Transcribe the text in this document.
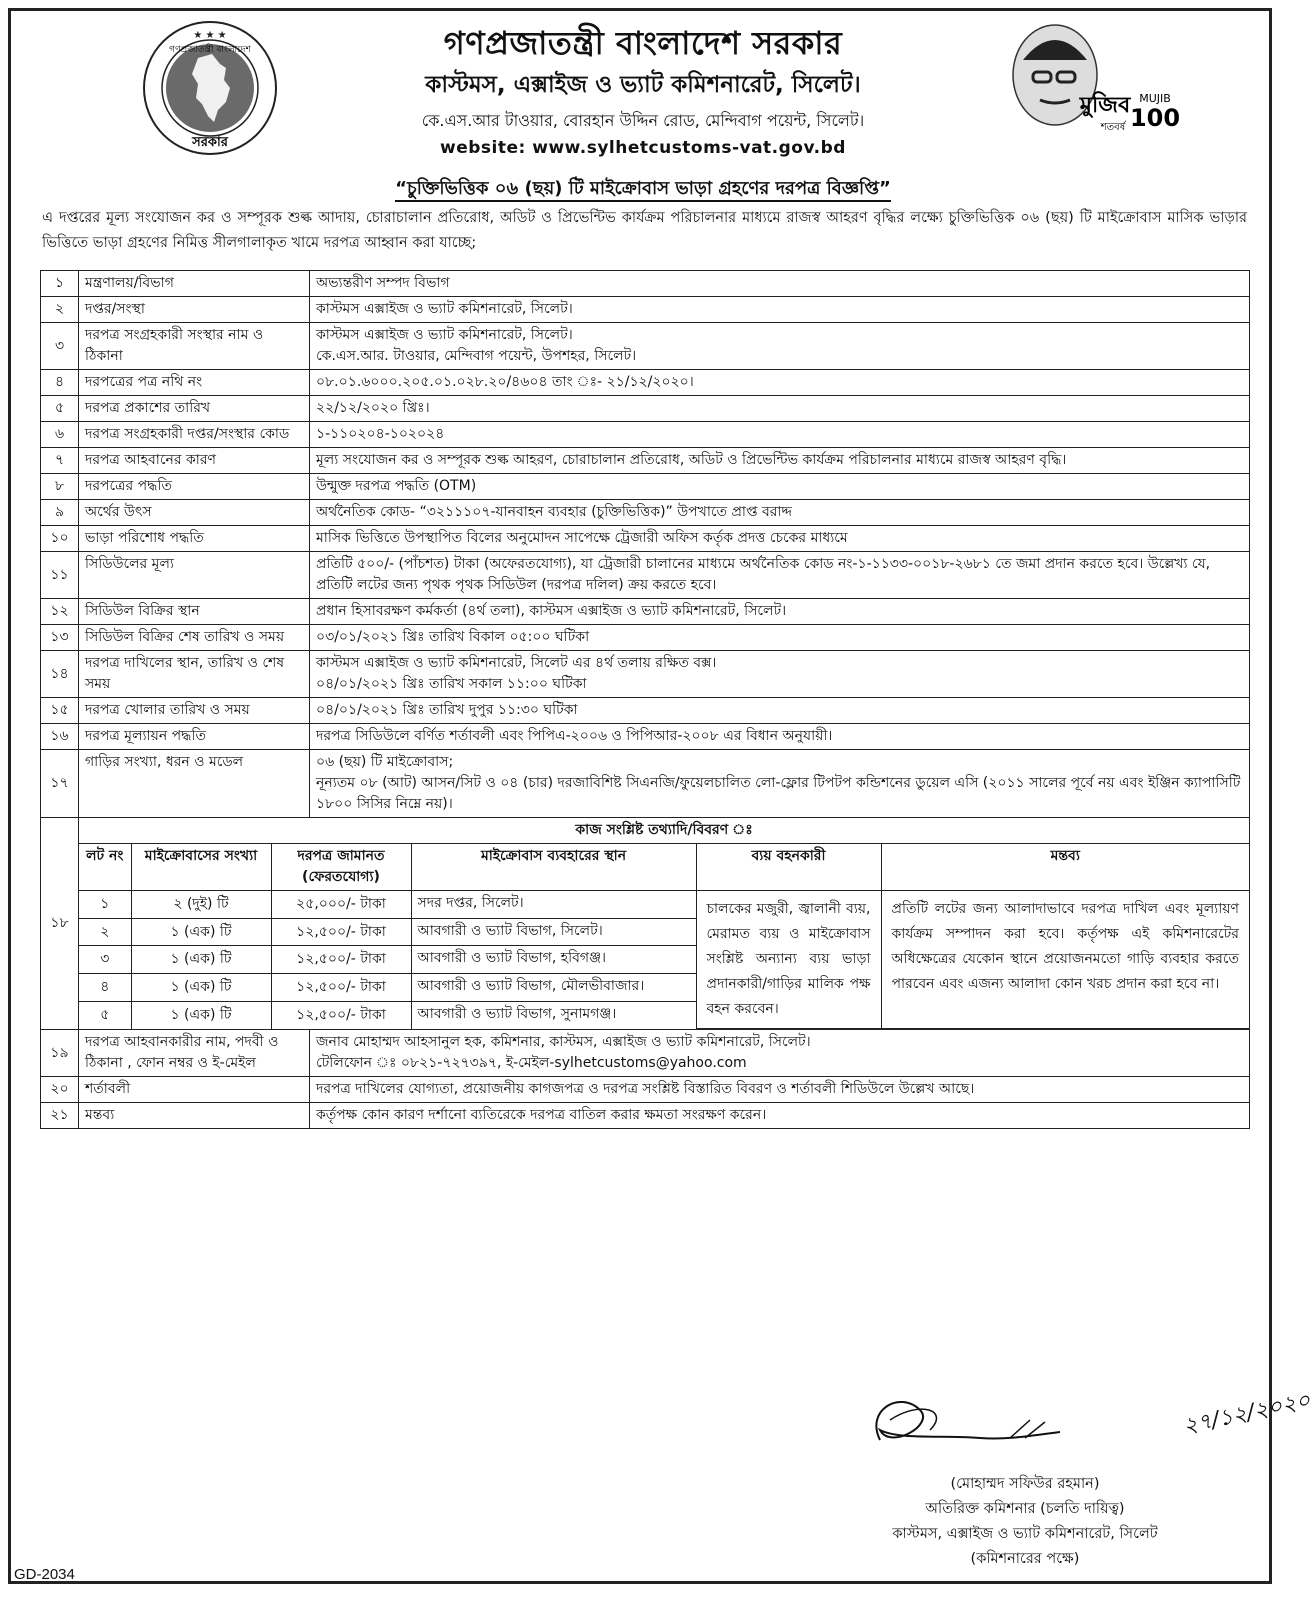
★ ★ ★
গণপ্রজাতন্ত্রী বাংলাদেশ
সরকার
গণপ্রজাতন্ত্রী বাংলাদেশ সরকার
কাস্টমস, এক্সাইজ ও ভ্যাট কমিশনারেট, সিলেট।
কে.এস.আর টাওয়ার, বোরহান উদ্দিন রোড, মেন্দিবাগ পয়েন্ট, সিলেট।
website: www.sylhetcustoms-vat.gov.bd
মুজিব
শতবর্ষ
MUJIB
100
“চুক্তিভিত্তিক ০৬ (ছয়) টি মাইক্রোবাস ভাড়া গ্রহণের দরপত্র বিজ্ঞপ্তি”
এ দপ্তরের মূল্য সংযোজন কর ও সম্পূরক শুল্ক আদায়, চোরাচালান প্রতিরোধ, অডিট ও প্রিভেন্টিভ কার্যক্রম পরিচালনার মাধ্যমে রাজস্ব আহরণ বৃদ্ধির লক্ষ্যে চুক্তিভিত্তিক ০৬ (ছয়) টি মাইক্রোবাস মাসিক ভাড়ার ভিত্তিতে ভাড়া গ্রহণের নিমিত্ত সীলগালাকৃত খামে দরপত্র আহ্বান করা যাচ্ছে;
১	মন্ত্রণালয়/বিভাগ	অভ্যন্তরীণ সম্পদ বিভাগ

২	দপ্তর/সংস্থা	কাস্টমস এক্সাইজ ও ভ্যাট কমিশনারেট, সিলেট।

৩	দরপত্র সংগ্রহকারী সংস্থার নাম ও ঠিকানা	
কাস্টমস এক্সাইজ ও ভ্যাট কমিশনারেট, সিলেট।
কে.এস.আর. টাওয়ার, মেন্দিবাগ পয়েন্ট, উপশহর, সিলেট।

৪	দরপত্রের পত্র নথি নং	০৮.০১.৬০০০.২০৫.০১.০২৮.২০/৪৬০৪ তাং ঃ- ২১/১২/২০২০।

৫	দরপত্র প্রকাশের তারিখ	২২/১২/২০২০ খ্রিঃ।

৬	দরপত্র সংগ্রহকারী দপ্তর/সংস্থার কোড	১-১১০২০৪-১০২০২৪

৭	দরপত্র আহবানের কারণ	মূল্য সংযোজন কর ও সম্পূরক শুল্ক আহরণ, চোরাচালান প্রতিরোধ, অডিট ও প্রিভেন্টিভ কার্যক্রম পরিচালনার মাধ্যমে রাজস্ব আহরণ বৃদ্ধি।

৮	দরপত্রের পদ্ধতি	উন্মুক্ত দরপত্র পদ্ধতি (OTM)

৯	অর্থের উৎস	অর্থনৈতিক কোড- “৩২১১১০৭-যানবাহন ব্যবহার (চুক্তিভিত্তিক)” উপখাতে প্রাপ্ত বরাদ্দ

১০	ভাড়া পরিশোধ পদ্ধতি	মাসিক ভিত্তিতে উপস্থাপিত বিলের অনুমোদন সাপেক্ষে ট্রেজারী অফিস কর্তৃক প্রদত্ত চেকের মাধ্যমে

১১	সিডিউলের মূল্য	প্রতিটি ৫০০/- (পাঁচশত) টাকা (অফেরতযোগ্য), যা ট্রেজারী চালানের মাধ্যমে অর্থনৈতিক কোড নং-১-১১৩৩-০০১৮-২৬৮১ তে জমা প্রদান করতে হবে। উল্লেখ্য যে, প্রতিটি লটের জন্য পৃথক পৃথক সিডিউল (দরপত্র দলিল) ক্রয় করতে হবে।

১২	সিডিউল বিক্রির স্থান	প্রধান হিসাবরক্ষণ কর্মকর্তা (৪র্থ তলা), কাস্টমস এক্সাইজ ও ভ্যাট কমিশনারেট, সিলেট।

১৩	সিডিউল বিক্রির শেষ তারিখ ও সময়	০৩/০১/২০২১ খ্রিঃ তারিখ বিকাল ০৫:০০ ঘটিকা

১৪	দরপত্র দাখিলের স্থান, তারিখ ও শেষ সময়	
কাস্টমস এক্সাইজ ও ভ্যাট কমিশনারেট, সিলেট এর ৪র্থ তলায় রক্ষিত বক্স।
০৪/০১/২০২১ খ্রিঃ তারিখ সকাল ১১:০০ ঘটিকা

১৫	দরপত্র খোলার তারিখ ও সময়	০৪/০১/২০২১ খ্রিঃ তারিখ দুপুর ১১:৩০ ঘটিকা

১৬	দরপত্র মূল্যায়ন পদ্ধতি	দরপত্র সিডিউলে বর্ণিত শর্তাবলী এবং পিপিএ-২০০৬ ও পিপিআর-২০০৮ এর বিধান অনুযায়ী।

১৭	গাড়ির সংখ্যা, ধরন ও মডেল	০৬ (ছয়) টি মাইক্রোবাস;
নূন্যতম ০৮ (আট) আসন/সিট ও ০৪ (চার) দরজাবিশিষ্ট সিএনজি/ফুয়েলচালিত লো-ফ্লোর টিপটপ কন্ডিশনের ডুয়েল এসি (২০১১ সালের পূর্বে নয় এবং ইঞ্জিন ক্যাপাসিটি ১৮০০ সিসির নিম্নে নয়)।

১৮	
কাজ সংশ্লিষ্ট তথ্যাদি/বিবরণ ঃ
লট নং	মাইক্রোবাসের সংখ্যা	দরপত্র জামানত (ফেরতযোগ্য)	মাইক্রোবাস ব্যবহারের স্থান	ব্যয় বহনকারী	মন্তব্য
১	২ (দুই) টি	২৫,০০০/- টাকা	সদর দপ্তর, সিলেট।	চালকের মজুরী, জ্বালানী ব্যয়, মেরামত ব্যয় ও মাইক্রোবাস সংশ্লিষ্ট অন্যান্য ব্যয় ভাড়া প্রদানকারী/গাড়ির মালিক পক্ষ বহন করবেন।	প্রতিটি লটের জন্য আলাদাভাবে দরপত্র দাখিল এবং মূল্যায়ণ কার্যক্রম সম্পাদন করা হবে। কর্তৃপক্ষ এই কমিশনারেটের অধিক্ষেত্রের যেকোন স্থানে প্রয়োজনমতো গাড়ি ব্যবহার করতে পারবেন এবং এজন্য আলাদা কোন খরচ প্রদান করা হবে না।
২	১ (এক) টি	১২,৫০০/- টাকা	আবগারী ও ভ্যাট বিভাগ, সিলেট।
৩	১ (এক) টি	১২,৫০০/- টাকা	আবগারী ও ভ্যাট বিভাগ, হবিগঞ্জ।
৪	১ (এক) টি	১২,৫০০/- টাকা	আবগারী ও ভ্যাট বিভাগ, মৌলভীবাজার।
৫	১ (এক) টি	১২,৫০০/- টাকা	আবগারী ও ভ্যাট বিভাগ, সুনামগঞ্জ।

১৯	দরপত্র আহবানকারীর নাম, পদবী ও ঠিকানা , ফোন নম্বর ও ই-মেইল	
জনাব মোহাম্মদ আহসানুল হক, কমিশনার, কাস্টমস, এক্সাইজ ও ভ্যাট কমিশনারেট, সিলেট।
টেলিফোন ঃ ০৮২১-৭২৭৩৯৭, ই-মেইল-sylhetcustoms@yahoo.com

২০	শর্তাবলী	দরপত্র দাখিলের যোগ্যতা, প্রয়োজনীয় কাগজপত্র ও দরপত্র সংশ্লিষ্ট বিস্তারিত বিবরণ ও শর্তাবলী শিডিউলে উল্লেখ আছে।

২১	মন্তব্য	কর্তৃপক্ষ কোন কারণ দর্শানো ব্যতিরেকে দরপত্র বাতিল করার ক্ষমতা সংরক্ষণ করেন।
(মোহাম্মদ সফিউর রহমান)
অতিরিক্ত কমিশনার (চলতি দায়িত্ব)
কাস্টমস, এক্সাইজ ও ভ্যাট কমিশনারেট, সিলেট
(কমিশনারের পক্ষে)
২৭/১২/২০২০
GD-2034
